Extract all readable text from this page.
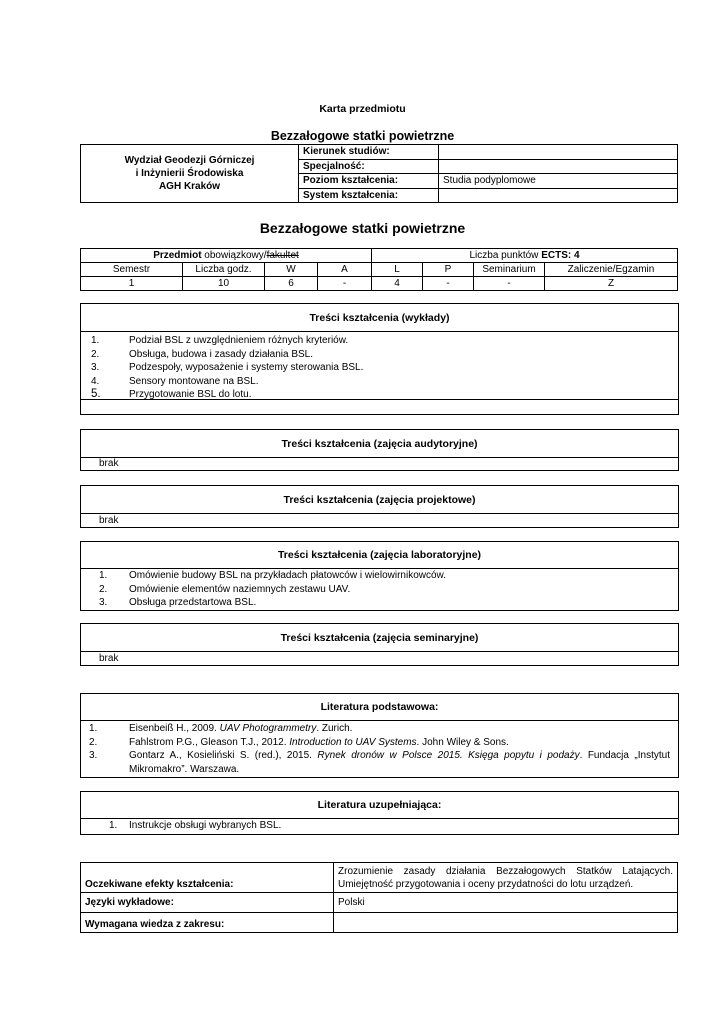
Karta przedmiotu
Bezzałogowe statki powietrzne
Wydział Geodezji Górniczej
i Inżynierii Środowiska
AGH Kraków	Kierunek studiów:	
	Specjalność:	
	Poziom kształcenia:	Studia podyplomowe
	System kształcenia:	
Bezzałogowe statki powietrzne
Przedmiot obowiązkowy/fakultet				Liczba punktów ECTS: 4			
Semestr	Liczba godz.	W	A	L	P	Seminarium	Zaliczenie/Egzamin
1	10	6	-	4	-	-	Z
Treści kształcenia (wykłady)
1.	Podział BSL z uwzględnieniem różnych kryteriów.
2.	Obsługa, budowa i zasady działania BSL.
3.	Podzespoły, wyposażenie i systemy sterowania BSL.
4.	Sensory montowane na BSL.
5.	Przygotowanie BSL do lotu.
Treści kształcenia (zajęcia audytoryjne)
brak
Treści kształcenia (zajęcia projektowe)
brak
Treści kształcenia (zajęcia laboratoryjne)
1. Omówienie budowy BSL na przykładach płatowców i wielowirnikowców.
2. Omówienie elementów naziemnych zestawu UAV.
3. Obsługa przedstartowa BSL.
Treści kształcenia (zajęcia seminaryjne)
brak
Literatura podstawowa:
1.	Eisenbeiß H., 2009. UAV Photogrammetry. Zurich.
2.	Fahlstrom P.G., Gleason T.J., 2012. Introduction to UAV Systems. John Wiley & Sons.
3.	Gontarz A., Kosieliński S. (red.), 2015. Rynek dronów w Polsce 2015. Księga popytu i podaży. Fundacja „Instytut Mikromakro”. Warszawa.
Literatura uzupełniająca:
1. Instrukcje obsługi wybranych BSL.
Oczekiwane efekty kształcenia:	Zrozumienie zasady działania Bezzałogowych Statków Latających. Umiejętność przygotowania i oceny przydatności do lotu urządzeń.
Języki wykładowe:	Polski
Wymagana wiedza z zakresu:	
